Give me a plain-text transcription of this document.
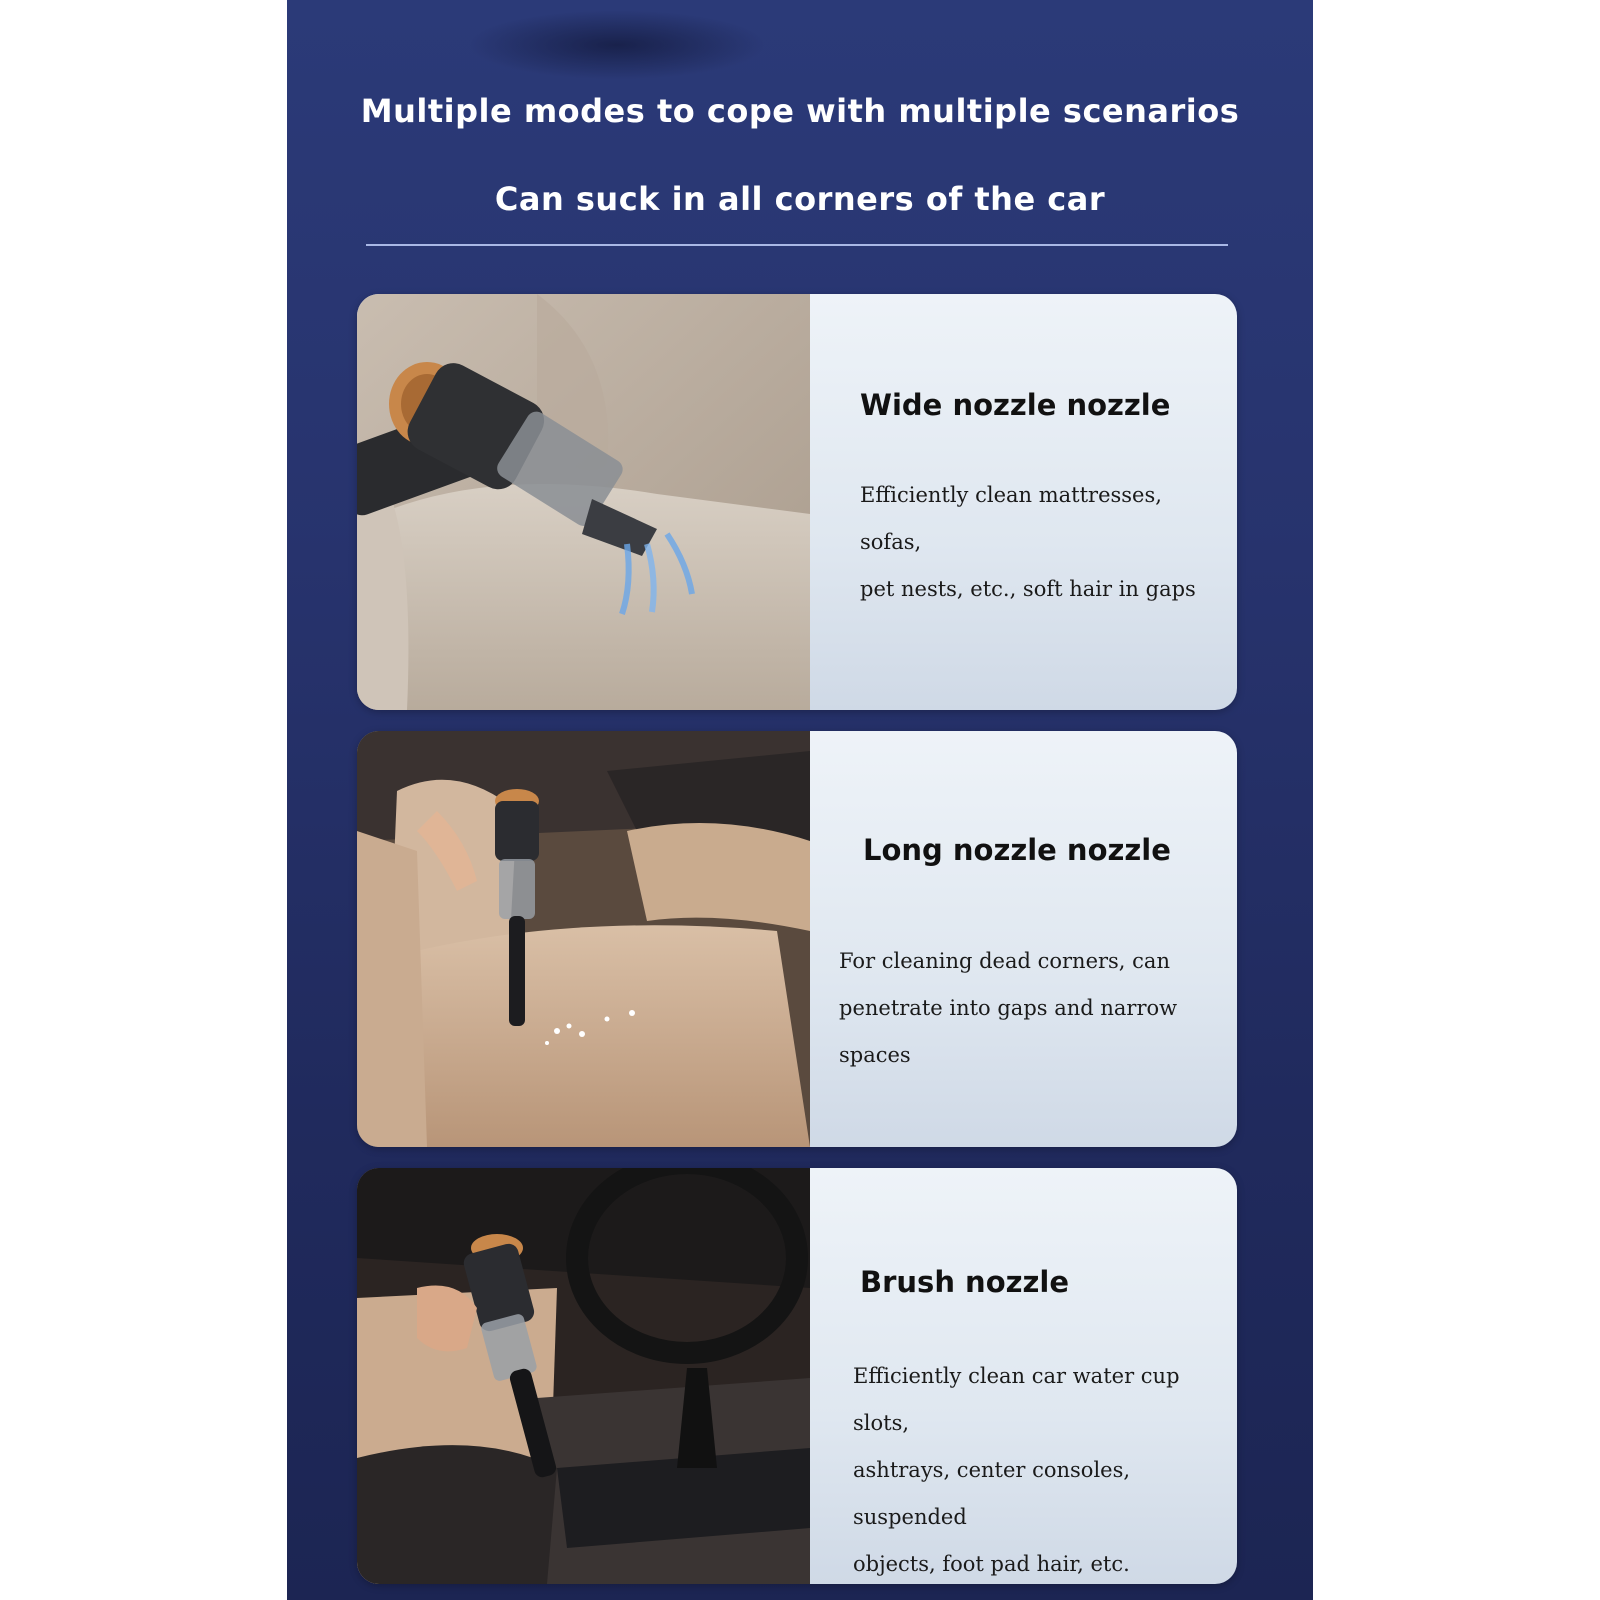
Multiple modes to cope with multiple scenarios
Can suck in all corners of the car
Wide nozzle nozzle

Efficiently clean mattresses, sofas,
pet nests, etc., soft hair in gaps

Long nozzle nozzle

For cleaning dead corners, can
penetrate into gaps and narrow spaces

Brush nozzle

Efficiently clean car water cup slots,
ashtrays, center consoles, suspended
objects, foot pad hair, etc.
